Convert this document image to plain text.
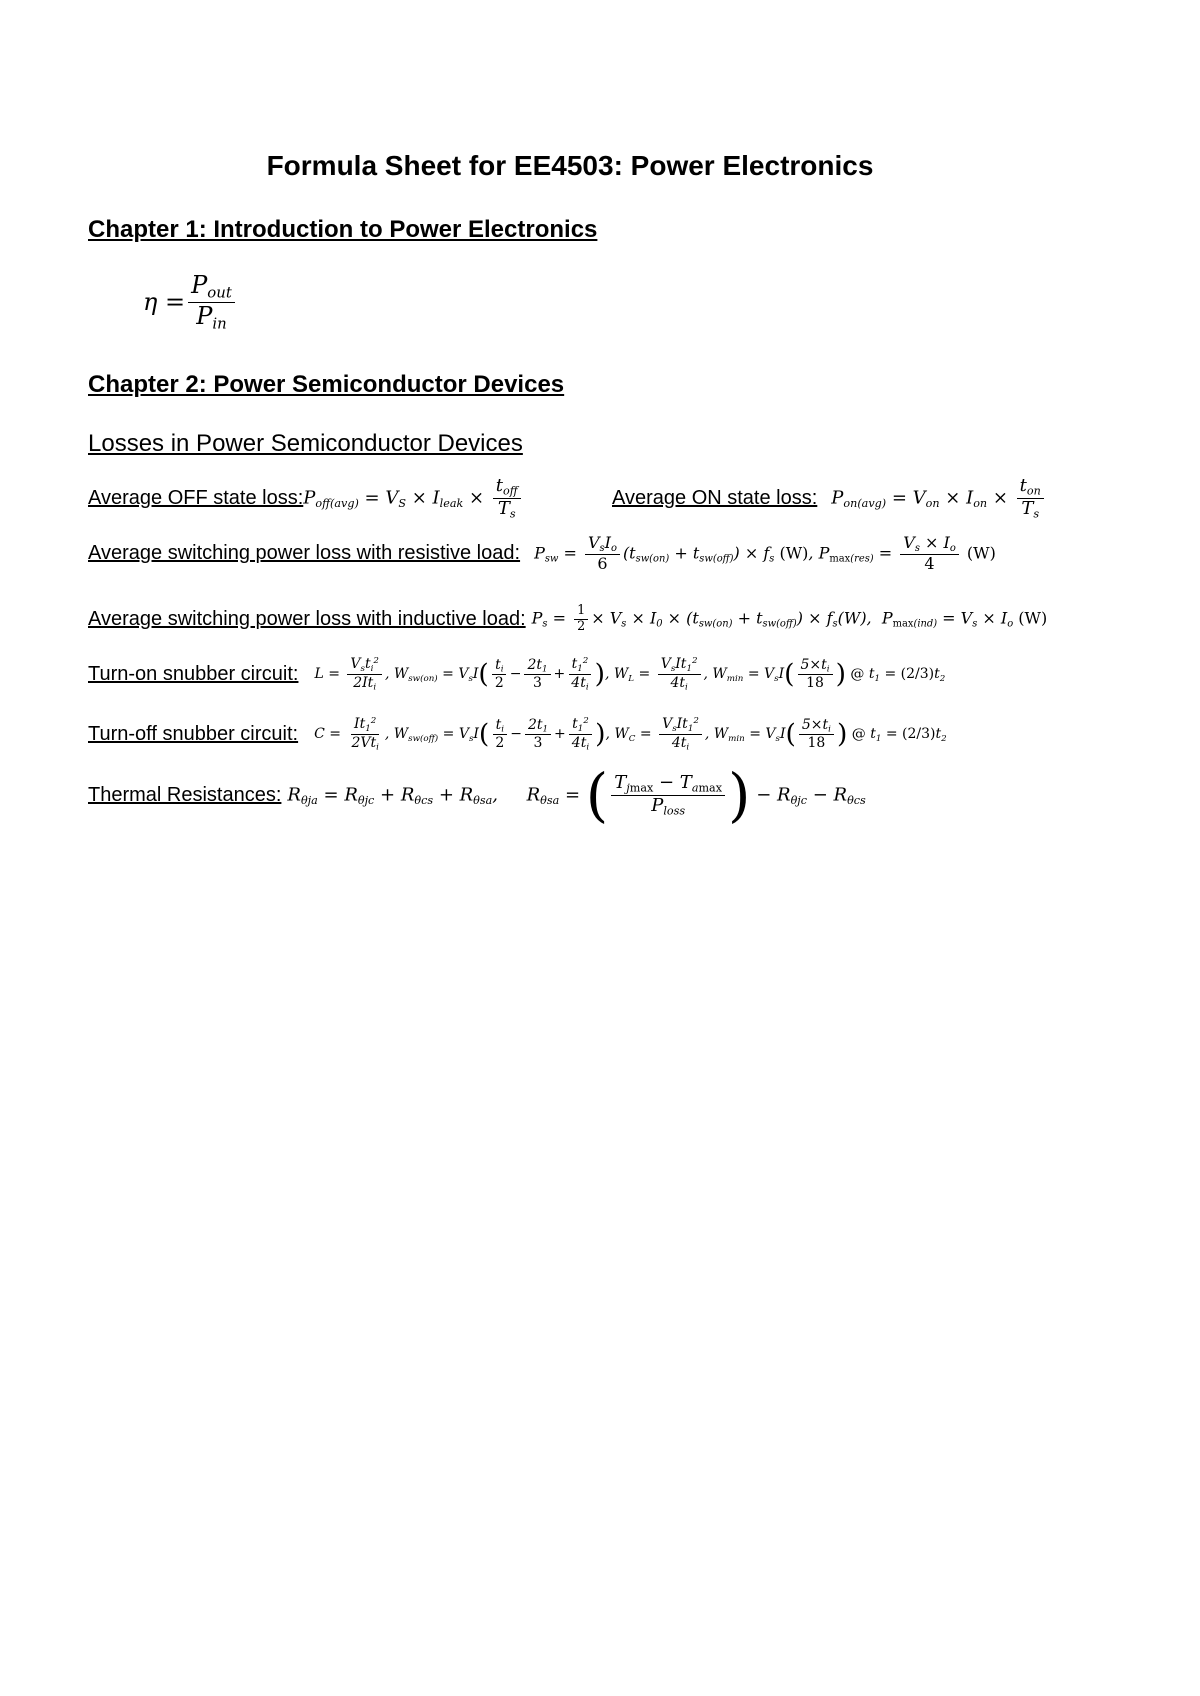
Formula Sheet for EE4503: Power Electronics
Chapter 1: Introduction to Power Electronics
$\eta = \frac{P_{out}}{P_{in}}$
Chapter 2: Power Semiconductor Devices
Losses in Power Semiconductor Devices
Average OFF state loss: $P_{off(avg)} = V_S \times I_{leak} \times \frac{t_{off}}{T_s}$	Average ON state loss: $P_{on(avg)} = V_{on} \times I_{on} \times \frac{t_{on}}{T_s}$
Average switching power loss with resistive load: $P_{sw} = \frac{V_sI_o}{6} (t_{sw(on)} + t_{sw(off)}) \times f_s$ (W), $P_{max(res)} = \frac{V_s \times I_o}{4} (W)$
Average switching power loss with inductive load: $P_s = \frac{1}{2} \times V_s \times I_0 \times (t_{sw(on)} + t_{sw(off)}) \times f_s(W)$,  $P_{max(ind)} = V_s \times I_o$ (W)
Turn-on snubber circuit: $L = \frac{V_st_i^2}{2It_i}$ , $W_{sw(on)} = V_sI( \frac{t_i}{2} - \frac{2t_1}{3} + \frac{t_1^2}{4t_i}$ ), $W_L = \frac{V_sIt_1^2}{4t_i}$ , $W_{min} = V_sI( \frac{5\times t_i}{18}$ ) @ $t_1 = (2/3)t_2$
Turn-off snubber circuit: $C = \frac{It_1^2}{2Vt_i}$ , $W_{sw(off)} = V_sI( \frac{t_i}{2} - \frac{2t_1}{3} + \frac{t_1^2}{4t_i}$ ), $W_C = \frac{V_sIt_1^2}{4t_i}$ , $W_{min} = V_sI( \frac{5\times t_i}{18}$ ) @ $t_1 = (2/3)t_2$
Thermal Resistances: $R_{\theta ja} = R_{\theta jc} + R_{\theta cs} + R_{\theta sa}$,     $R_{\theta sa}$ = ( $\frac{T_{jmax} - T_{amax}}{P_{loss}}$ ) − $R_{\theta jc} - R_{\theta cs}$
